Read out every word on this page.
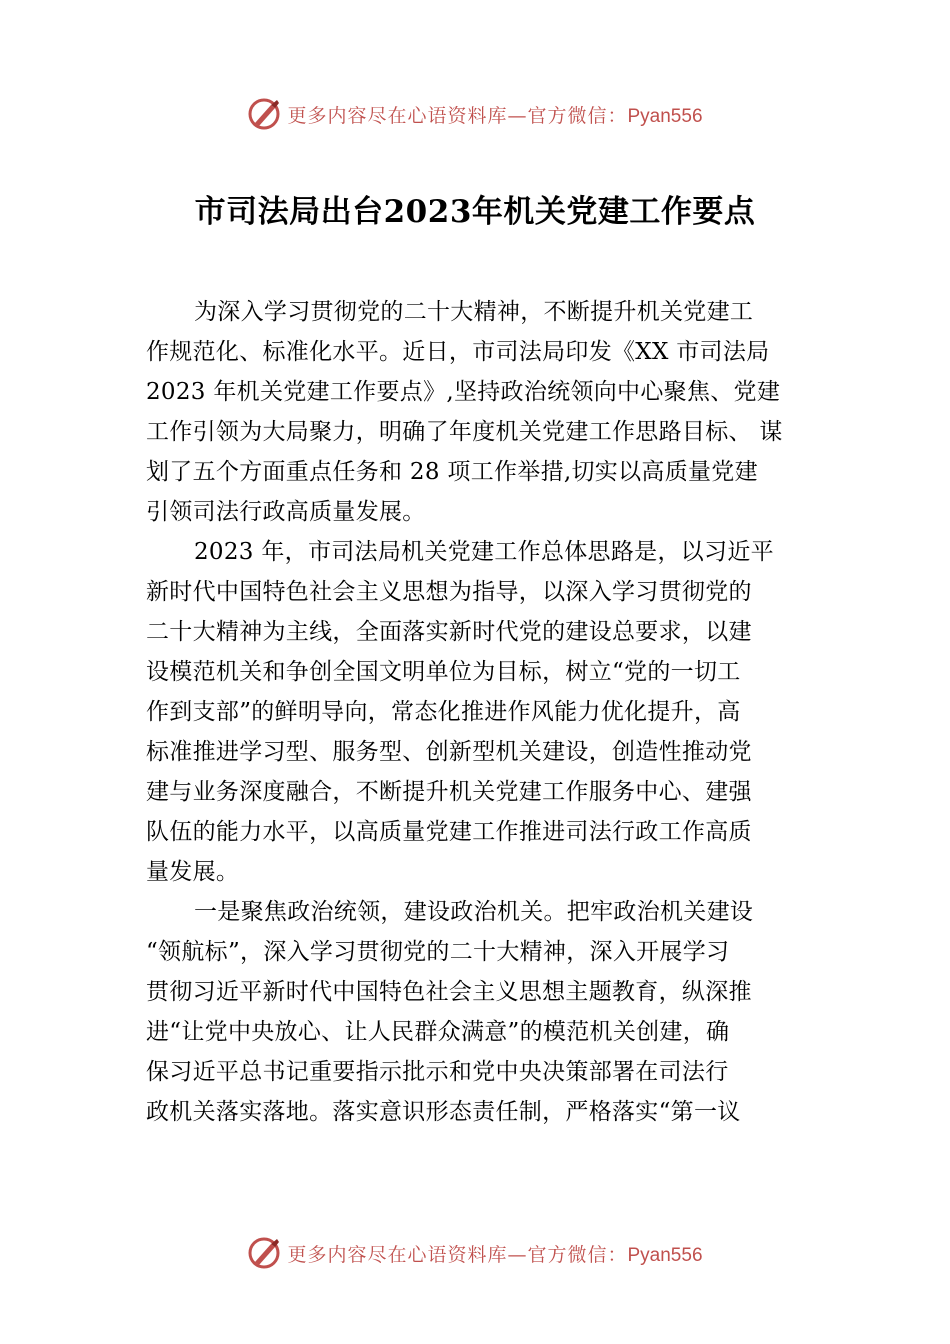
更多内容尽在心语资料库—官方微信：Pyan556
市司法局出台2023年机关党建工作要点
为深入学习贯彻党的二十大精神，不断提升机关党建工
作规范化、标准化水平。近日，市司法局印发《XX 市司法局
2023 年机关党建工作要点》,坚持政治统领向中心聚焦、党建
工作引领为大局聚力，明确了年度机关党建工作思路目标、 谋
划了五个方面重点任务和 28 项工作举措,切实以高质量党建
引领司法行政高质量发展。
2023 年，市司法局机关党建工作总体思路是，以习近平
新时代中国特色社会主义思想为指导，以深入学习贯彻党的
二十大精神为主线，全面落实新时代党的建设总要求，以建
设模范机关和争创全国文明单位为目标，树立“党的一切工
作到支部”的鲜明导向，常态化推进作风能力优化提升，高
标准推进学习型、服务型、创新型机关建设，创造性推动党
建与业务深度融合，不断提升机关党建工作服务中心、建强
队伍的能力水平，以高质量党建工作推进司法行政工作高质
量发展。
一是聚焦政治统领，建设政治机关。把牢政治机关建设
“领航标”，深入学习贯彻党的二十大精神，深入开展学习
贯彻习近平新时代中国特色社会主义思想主题教育，纵深推
进“让党中央放心、让人民群众满意”的模范机关创建，确
保习近平总书记重要指示批示和党中央决策部署在司法行
政机关落实落地。落实意识形态责任制，严格落实“第一议
更多内容尽在心语资料库—官方微信：Pyan556
